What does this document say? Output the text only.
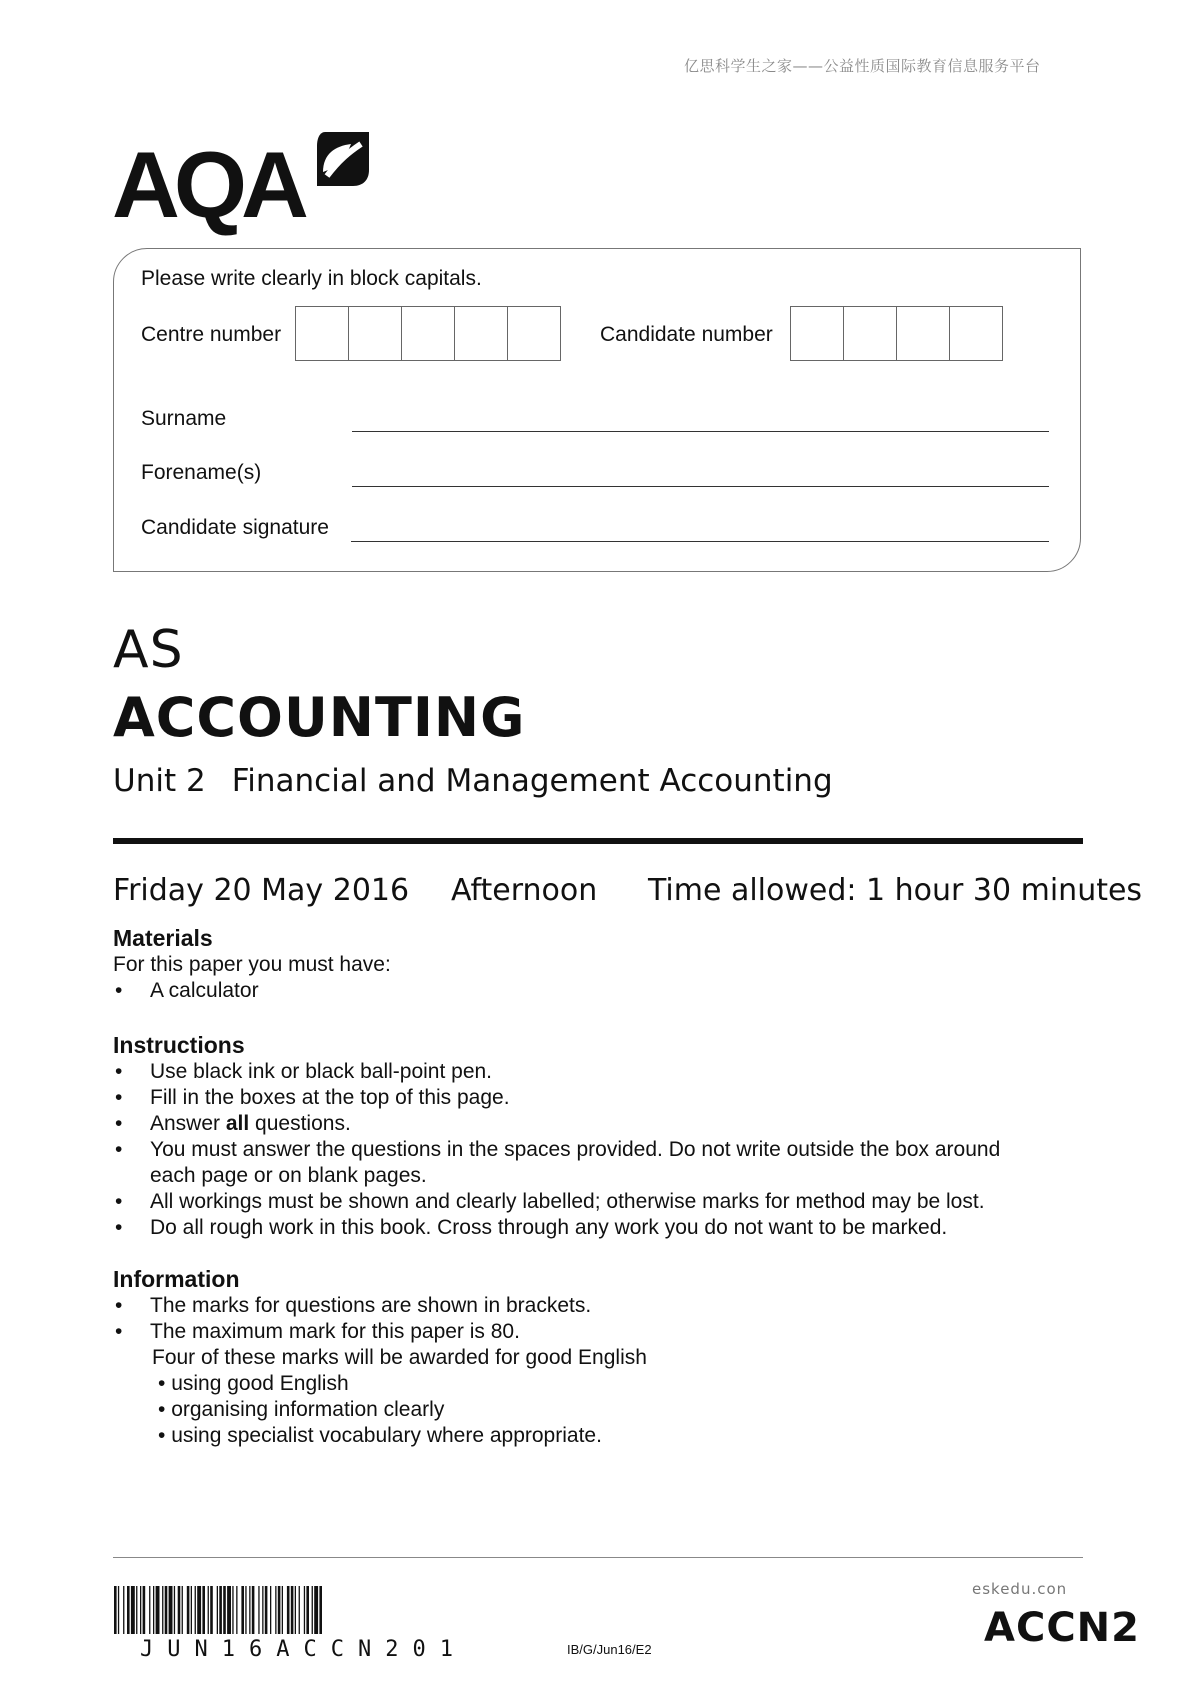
亿思科学生之家——公益性质国际教育信息服务平台
AQA
Please write clearly in block capitals.
Centre number	Candidate number
Surname
Forename(s)
Candidate signature
AS
ACCOUNTING
Unit 2 Financial and Management Accounting
Friday 20 May 2016 Afternoon Time allowed: 1 hour 30 minutes
Materials

For this paper you must have:

• A calculator

Instructions

• Use black ink or black ball-point pen.

• Fill in the boxes at the top of this page.

• Answer all questions.

• You must answer the questions in the spaces provided. Do not write outside the box around
each page or on blank pages.

• All workings must be shown and clearly labelled; otherwise marks for method may be lost.

• Do all rough work in this book. Cross through any work you do not want to be marked.

Information

• The marks for questions are shown in brackets.

• The maximum mark for this paper is 80.

Four of these marks will be awarded for good English

• using good English

• organising information clearly

• using specialist vocabulary where appropriate.

JUN16ACCN201	IB/G/Jun16/E2
eskedu.con
ACCN2
